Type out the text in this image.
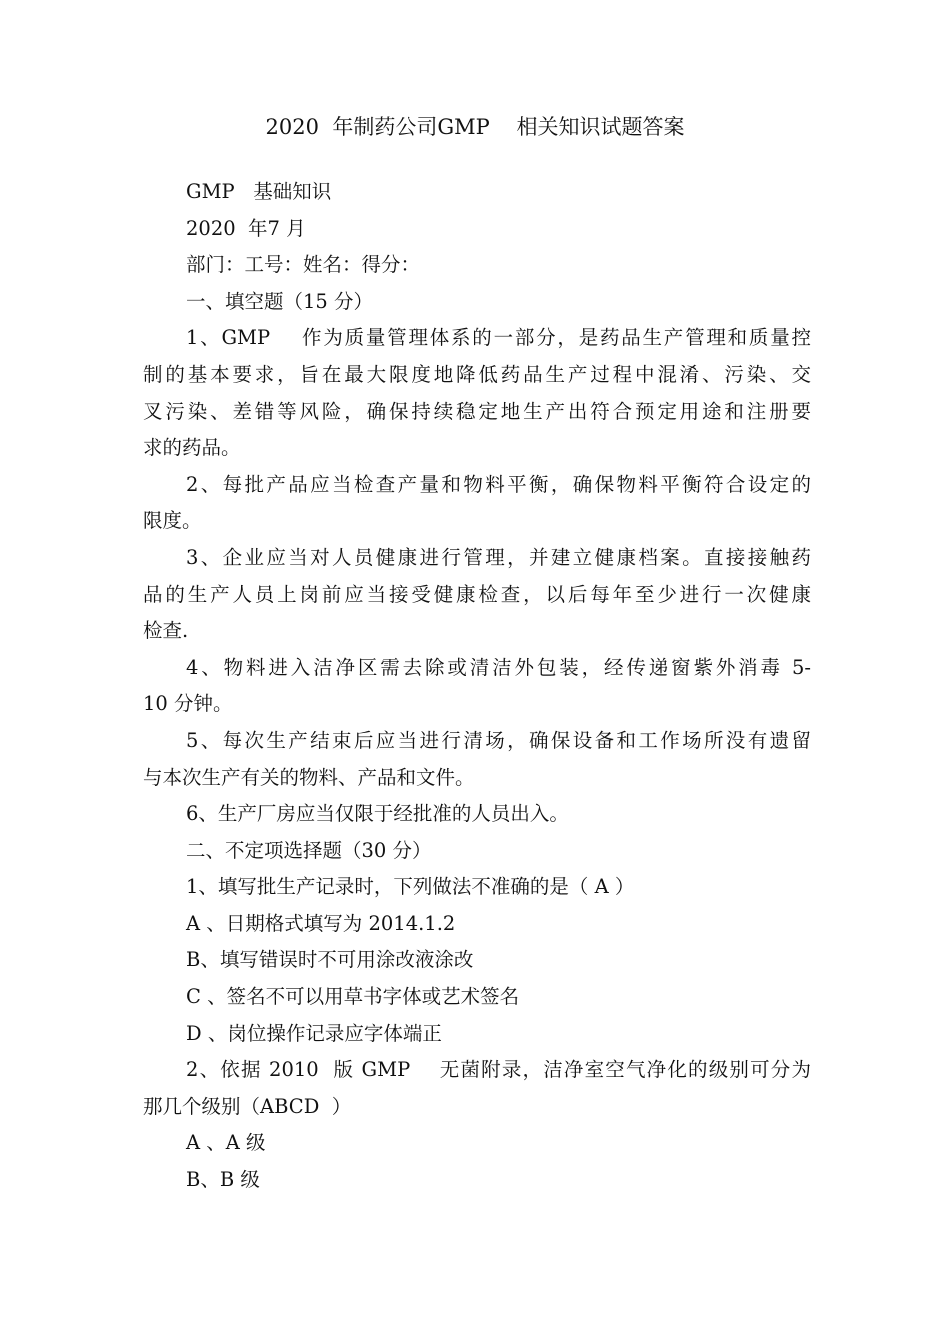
2020  年制药公司GMP    相关知识试题答案
GMP   基础知识
2020  年7 月
部门：工号：姓名：得分：
一、填空题（15 分）
1、GMP    作为质量管理体系的一部分，是药品生产管理和质量控
制的基本要求，旨在最大限度地降低药品生产过程中混淆、污染、交
叉污染、差错等风险，确保持续稳定地生产出符合预定用途和注册要
求的药品。
2、每批产品应当检查产量和物料平衡，确保物料平衡符合设定的
限度。
3、企业应当对人员健康进行管理，并建立健康档案。直接接触药
品的生产人员上岗前应当接受健康检查，以后每年至少进行一次健康
检查.
4、物料进入洁净区需去除或清洁外包装，经传递窗紫外消毒 5-
10 分钟。
5、每次生产结束后应当进行清场，确保设备和工作场所没有遗留
与本次生产有关的物料、产品和文件。
6、生产厂房应当仅限于经批准的人员出入。
二、不定项选择题（30 分）
1、填写批生产记录时，下列做法不准确的是（ A ）
A 、日期格式填写为 2014.1.2
B、填写错误时不可用涂改液涂改
C 、签名不可以用草书字体或艺术签名
D 、岗位操作记录应字体端正
2、依据 2010  版 GMP    无菌附录，洁净室空气净化的级别可分为
那几个级别（ABCD  ）
A 、A 级
B、B 级
